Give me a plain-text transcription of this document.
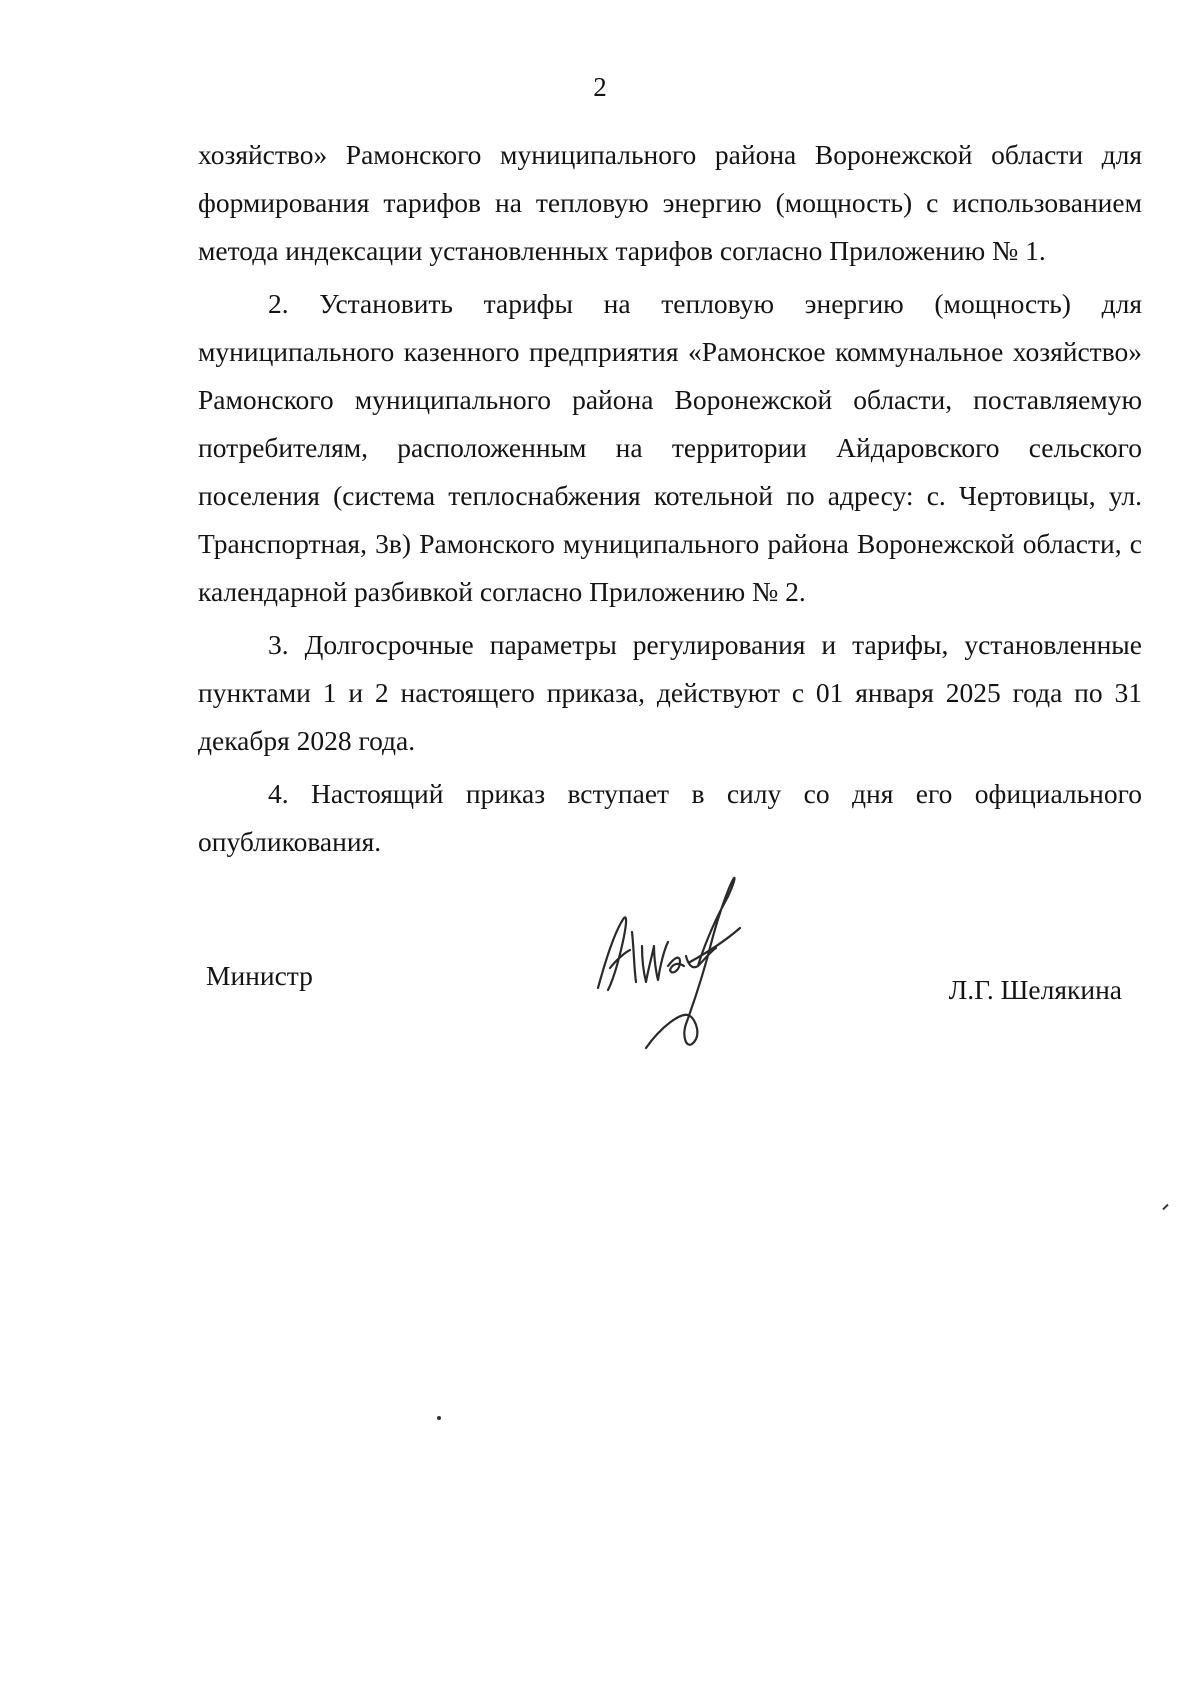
2

хозяйство» Рамонского муниципального района Воронежской области для формирования тарифов на тепловую энергию (мощность) с использованием метода индексации установленных тарифов согласно Приложению № 1.

2. Установить тарифы на тепловую энергию (мощность) для муниципального казенного предприятия «Рамонское коммунальное хозяйство» Рамонского муниципального района Воронежской области, поставляемую потребителям, расположенным на территории Айдаровского сельского поселения (система теплоснабжения котельной по адресу: с. Чертовицы, ул. Транспортная, 3в) Рамонского муниципального района Воронежской области, с календарной разбивкой согласно Приложению № 2.

3. Долгосрочные параметры регулирования и тарифы, установленные пунктами 1 и 2 настоящего приказа, действуют с 01 января 2025 года по 31 декабря 2028 года.

4. Настоящий приказ вступает в силу со дня его официального опубликования.

Министр	Л.Г. Шелякина
